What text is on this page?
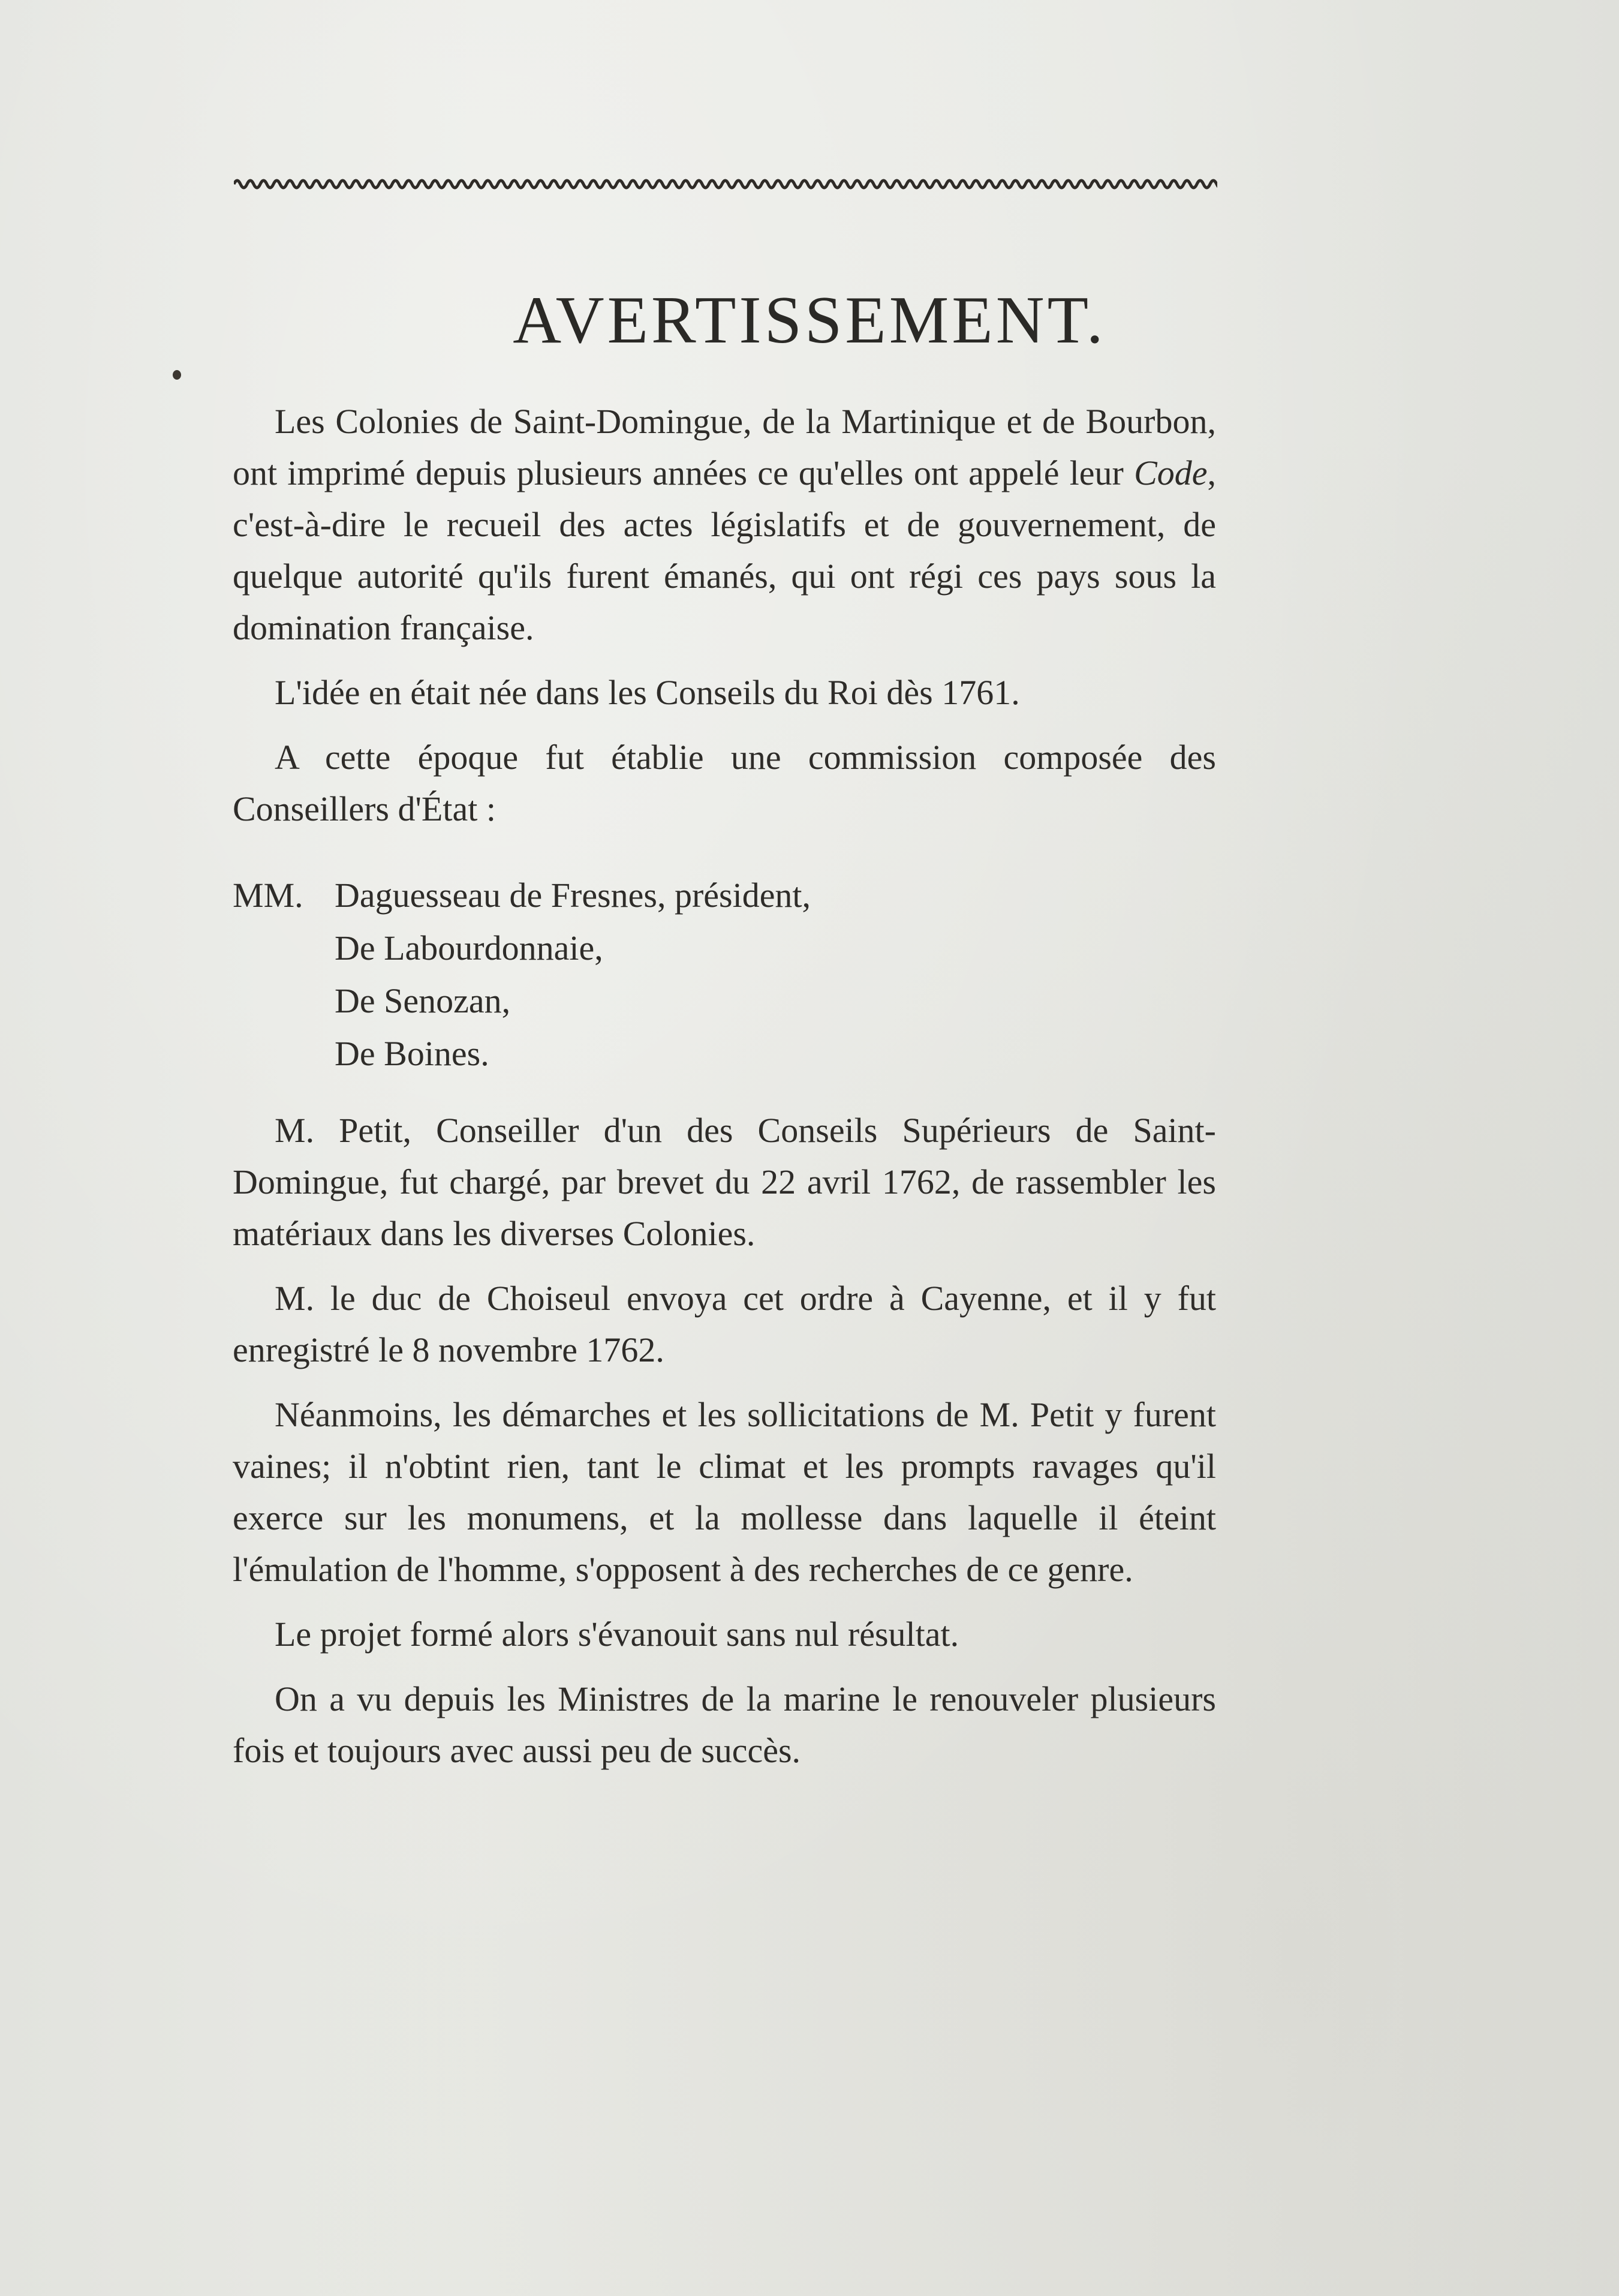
AVERTISSEMENT.

Les Colonies de Saint-Domingue, de la Martinique et de Bourbon, ont imprimé depuis plusieurs années ce qu'elles ont appelé leur Code, c'est-à-dire le recueil des actes législatifs et de gouvernement, de quelque autorité qu'ils furent émanés, qui ont régi ces pays sous la domination française.

L'idée en était née dans les Conseils du Roi dès 1761.

A cette époque fut établie une commission composée des Conseillers d'État :

MM. Daguesseau de Fresnes, président,
De Labourdonnaie,
De Senozan,
De Boines.

M. Petit, Conseiller d'un des Conseils Supérieurs de Saint-Domingue, fut chargé, par brevet du 22 avril 1762, de rassembler les matériaux dans les diverses Colonies.

M. le duc de Choiseul envoya cet ordre à Cayenne, et il y fut enregistré le 8 novembre 1762.

Néanmoins, les démarches et les sollicitations de M. Petit y furent vaines; il n'obtint rien, tant le climat et les prompts ravages qu'il exerce sur les monumens, et la mollesse dans laquelle il éteint l'émulation de l'homme, s'opposent à des recherches de ce genre.

Le projet formé alors s'évanouit sans nul résultat.

On a vu depuis les Ministres de la marine le renouveler plusieurs fois et toujours avec aussi peu de succès.
